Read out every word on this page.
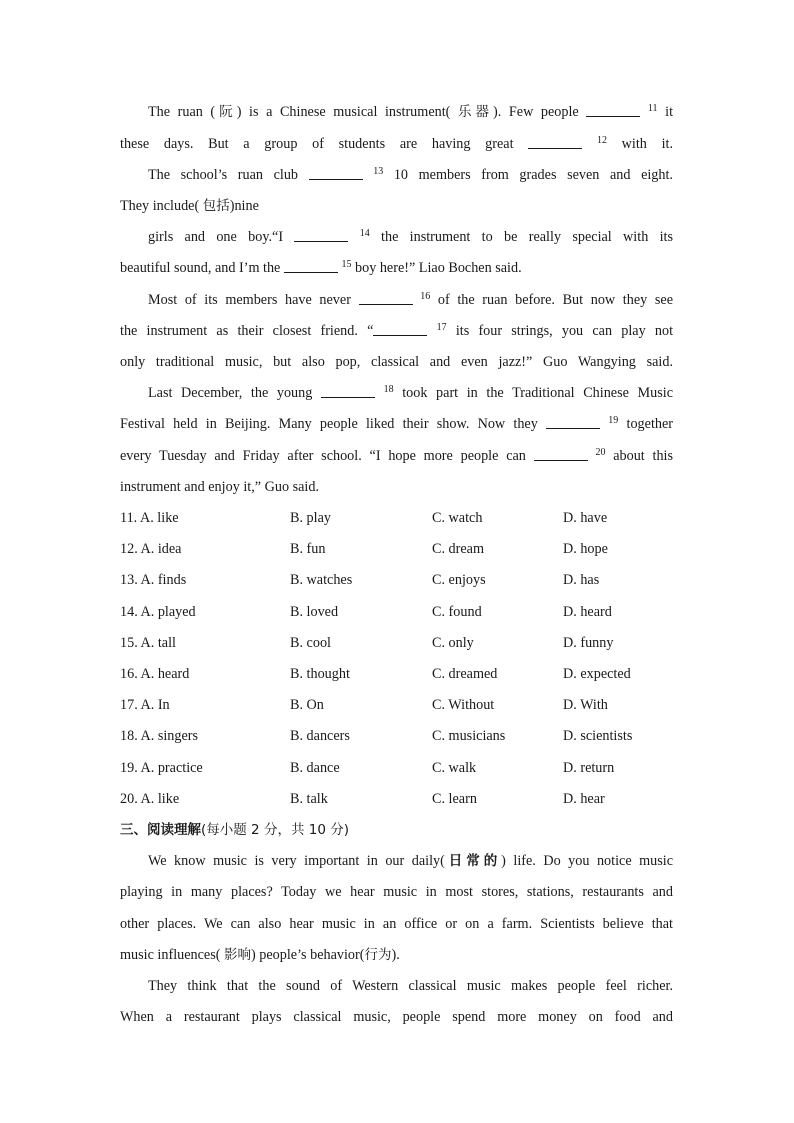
The ruan (阮) is a Chinese musical instrument( 乐器). Few people	$^{11}$ it
these days. But a group of students are having great	$^{12}$ with it.
The school’s ruan club	$^{13}$ 10 members from grades seven and eight.
They include( 包括)nine
girls and one boy.“I	$^{14}$ the instrument to be really special with its
beautiful sound, and I’m the	$^{15}$ boy here!” Liao Bochen said.
Most of its members have never	$^{16}$ of the ruan before. But now they see
the instrument as their closest friend. “	$^{17}$ its four strings, you can play not
only traditional music, but also pop, classical and even jazz!” Guo Wangying said.
Last December, the young	$^{18}$ took part in the Traditional Chinese Music
Festival held in Beijing. Many people liked their show. Now they	$^{19}$ together
every Tuesday and Friday after school. “I hope more people can	$^{20}$ about this
instrument and enjoy it,” Guo said.
11. A. like	B. play	C. watch	D. have
12. A. idea	B. fun	C. dream	D. hope
13. A. finds	B. watches	C. enjoys	D. has
14. A. played	B. loved	C. found	D. heard
15. A. tall	B. cool	C. only	D. funny
16. A. heard	B. thought	C. dreamed	D. expected
17. A. In	B. On	C. Without	D. With
18. A. singers	B. dancers	C. musicians	D. scientists
19. A. practice	B. dance	C. walk	D. return
20. A. like	B. talk	C. learn	D. hear
三、阅读理解(每小题 2 分，共 10 分)
We know music is very important in our daily(日常的) life. Do you notice music
playing in many places? Today we hear music in most stores, stations, restaurants and
other places. We can also hear music in an office or on a farm. Scientists believe that
music influences( 影响) people’s behavior(行为).
They think that the sound of Western classical music makes people feel richer.
When a restaurant plays classical music, people spend more money on food and
